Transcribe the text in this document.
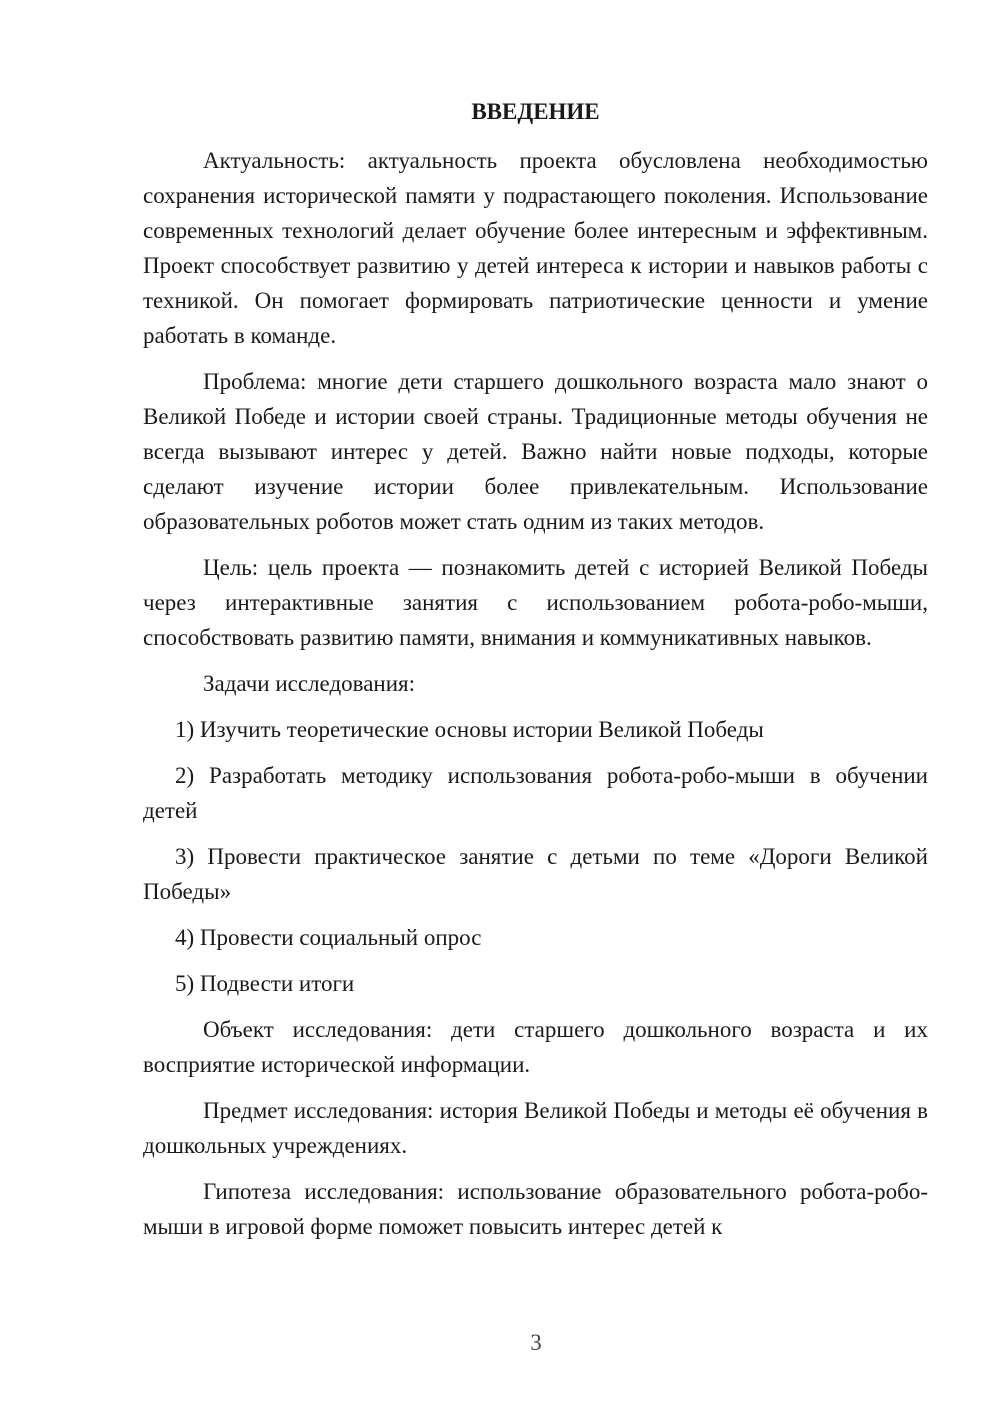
ВВЕДЕНИЕ

Актуальность: актуальность проекта обусловлена необходимостью сохранения исторической памяти у подрастающего поколения. Использование современных технологий делает обучение более интересным и эффективным. Проект способствует развитию у детей интереса к истории и навыков работы с техникой. Он помогает формировать патриотические ценности и умение работать в команде.

Проблема: многие дети старшего дошкольного возраста мало знают о Великой Победе и истории своей страны. Традиционные методы обучения не всегда вызывают интерес у детей. Важно найти новые подходы, которые сделают изучение истории более привлекательным. Использование образовательных роботов может стать одним из таких методов.

Цель: цель проекта — познакомить детей с историей Великой Победы через интерактивные занятия с использованием робота-робо-мыши, способствовать развитию памяти, внимания и коммуникативных навыков.

Задачи исследования:

1) Изучить теоретические основы истории Великой Победы

2) Разработать методику использования робота-робо-мыши в обучении детей

3) Провести практическое занятие с детьми по теме «Дороги Великой Победы»

4) Провести социальный опрос

5) Подвести итоги

Объект исследования: дети старшего дошкольного возраста и их восприятие исторической информации.

Предмет исследования: история Великой Победы и методы её обучения в дошкольных учреждениях.

Гипотеза исследования: использование образовательного робота-робо-мыши в игровой форме поможет повысить интерес детей к

3
